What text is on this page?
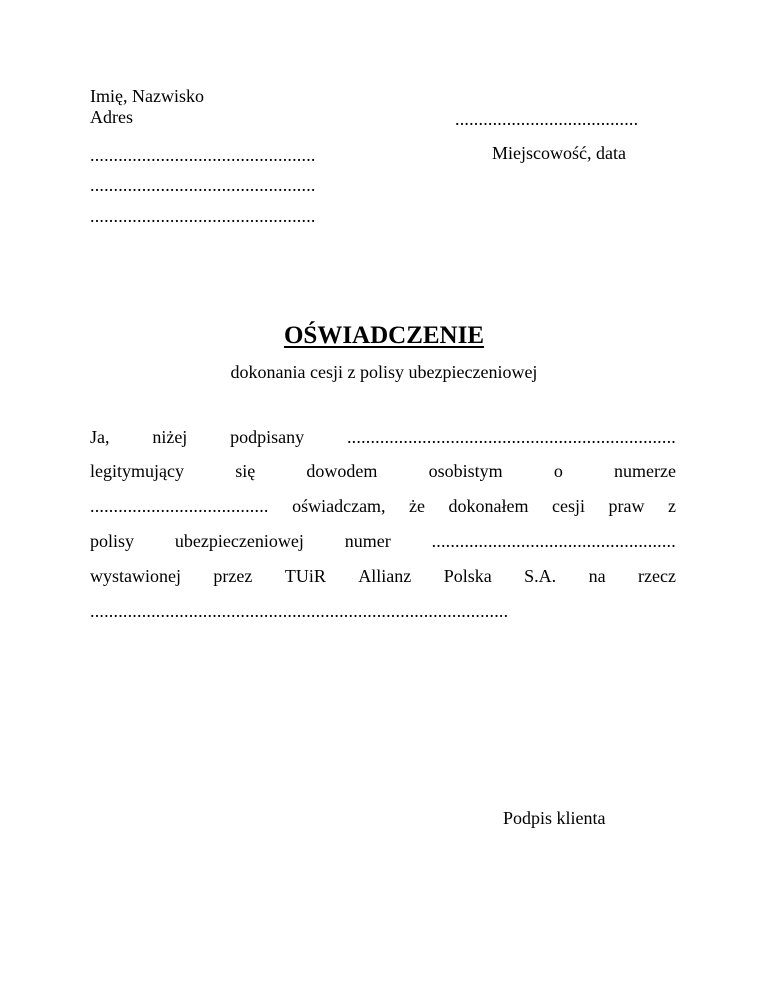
Imię, Nazwisko
Adres	.......................................
Miejscowość, data
................................................
................................................
................................................
OŚWIADCZENIE
dokonania cesji z polisy ubezpieczeniowej
Ja, niżej podpisany ......................................................................
legitymujący	się	dowodem	osobistym	o	numerze
...................................... oświadczam, że dokonałem cesji praw z
polisy ubezpieczeniowej numer ....................................................
wystawionej przez TUiR Allianz Polska S.A. na rzecz
.........................................................................................
Podpis klienta
